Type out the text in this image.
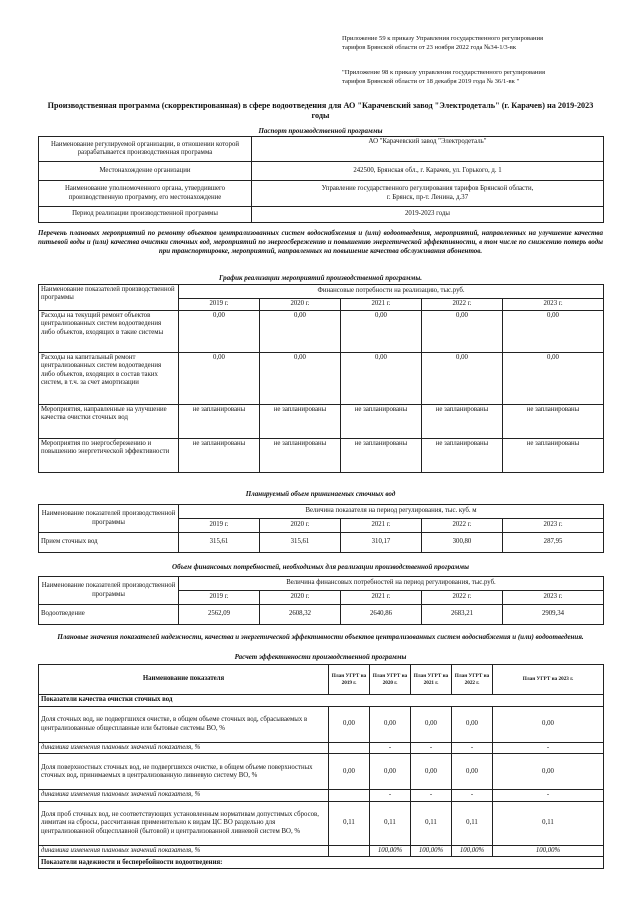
Приложение 59 к приказу Управления государственного регулирования
тарифов Брянской области от 23 ноября 2022 года №34-1/3-вк
"Приложение 98 к приказу управления государственного регулирования
тарифов Брянской области от 18 декабря 2019 года № 36/1-вк "
Производственная программа (скорректированная) в сфере водоотведения для АО "Карачевский завод "Электродеталь" (г. Карачев) на 2019-2023 годы
Паспорт производственной программы
Наименование регулируемой организации, в отношении которой разрабатывается производственная программа	АО "Карачевский завод "Электродеталь"
Местонахождение организации	242500, Брянская обл., г. Карачев, ул. Горького, д. 1
Наименование уполномоченного органа, утвердившего производственную программу, его местонахождение	Управление государственного регулирования тарифов Брянской области,
г. Брянск, пр-т. Ленина, д.37
Период реализации производственной программы	2019-2023 годы
Перечень плановых мероприятий по ремонту объектов централизованных систем водоснабжения и (или) водоотведения, мероприятий, направленных на улучшение качества питьевой воды и (или) качества очистки сточных вод, мероприятий по энергосбережению и повышению энергетической эффективности, в том числе по снижению потерь воды при транспортировке, мероприятий, направленных на повышение качества обслуживания абонентов.
График реализации мероприятий производственной программы.
Наименование показателей производственной программы	Финансовые потребности на реализацию, тыс.руб.				
	2019 г.	2020 г.	2021 г.	2022 г.	2023 г.
Расходы на текущий ремонт объектов централизованных систем водоотведения либо объектов, входящих в такие системы	0,00	0,00	0,00	0,00	0,00
Расходы на капитальный ремонт централизованных систем водоотведения либо объектов, входящих в состав таких систем, в т.ч. за счет амортизации	0,00	0,00	0,00	0,00	0,00
Мероприятия, направленные на улучшение качества очистки сточных вод	не запланированы	не запланированы	не запланированы	не запланированы	не запланированы
Мероприятия по энергосбережению и повышению энергетической эффективности	не запланированы	не запланированы	не запланированы	не запланированы	не запланированы
Планируемый объем принимаемых сточных вод
Наименование показателей производственной программы	Величина показателя на период регулирования, тыс. куб. м				
	2019 г.	2020 г.	2021 г.	2022 г.	2023 г.
Прием сточных вод	315,61	315,61	310,17	300,80	287,95
Объем финансовых потребностей, необходимых для реализации производственной программы
Наименование показателей производственной программы	Величина финансовых потребностей на период регулирования, тыс.руб.				
	2019 г.	2020 г.	2021 г.	2022 г.	2023 г.
Водоотведение	2562,09	2608,32	2640,86	2683,21	2909,34
Плановые значения показателей надежности, качества и энергетической эффективности объектов централизованных систем водоснабжения и (или) водоотведения.
Расчет эффективности производственной программы
Наименование показателя	План УГРТ на 2019 г.	План УГРТ на 2020 г.	План УГРТ на 2021 г.	План УГРТ на 2022 г.	План УГРТ на 2023 г.
Показатели качества очистки сточных вод					
Доля сточных вод, не подвергшихся очистке, в общем объеме сточных вод, сбрасываемых в централизованные общесплавные или бытовые системы ВО, %	0,00	0,00	0,00	0,00	0,00
динамика изменения плановых значений показателя, %		-	-	-	-
Доля поверхностных сточных вод, не подвергшихся очистке, в общем объеме поверхностных сточных вод, принимаемых в централизованную ливневую систему ВО, %	0,00	0,00	0,00	0,00	0,00
динамика изменения плановых значений показателя, %		-	-	-	-
Доля проб сточных вод, не соответствующих установленным нормативам допустимых сбросов, лимитам на сбросы, рассчитанная применительно к видам ЦС ВО раздельно для централизованной общесплавной (бытовой) и централизованной ливневой систем ВО, %	0,11	0,11	0,11	0,11	0,11
динамика изменения плановых значений показателя, %		100,00%	100,00%	100,00%	100,00%
Показатели надежности и бесперебойности водоотведения:					
